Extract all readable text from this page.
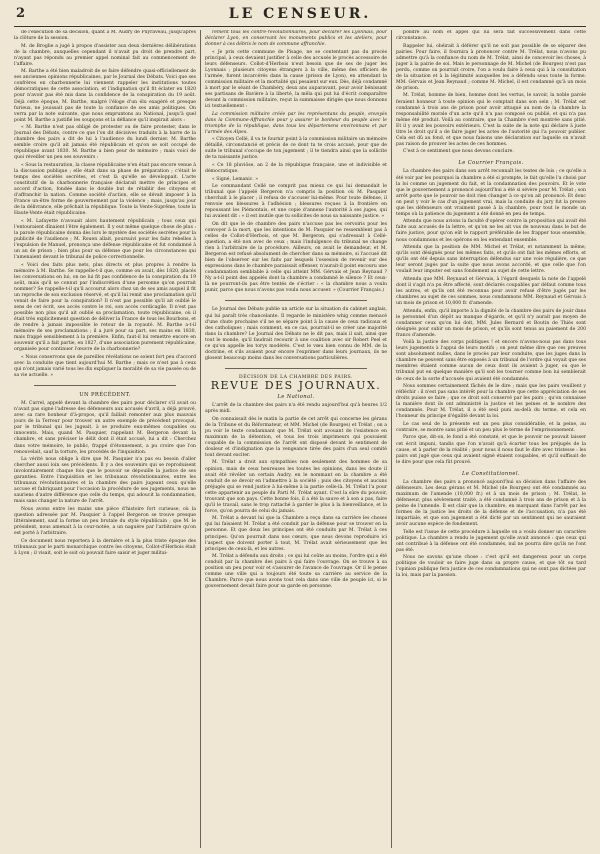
2	LE CENSEUR.

de l'exécution de sa décision, quant à M. Audry de Puyraveau, jusqu'après la clôture de la session.

M. de Broglie a jugé à propos d'assister aux deux dernières délibérations de la chambre, auxquelles cependant il n'avait pu droit de prendre part, n'ayant pas répondu au premier appel nominal fait au commencement de l'affaire.

M. Barthe a été bien maladroit de se faire défendre quasi-officiellement de ses anciennes opinions républicaines, par le Journal des Débats. Voici que ses confrères en charbonnerie lui viennent rappeler les institutions toutes démocratiques de cette association, et l'indignation qu'il fit éclater en 1820 pour n'avoir pas été mis dans la confidence de la conspiration du 19 août. Déjà cette époque, M. Barthe, malgré l'éloge d'un élu exagéré et presque furieux, ne jouissait pas de toute la confiance de ses amis politiques. On verra par la note suivante, que nous empruntons au National, jusqu'à quel point M. Barthe a justifié les soupçons et la défiance qu'il inspirait alors :

« M. Barthe n'est pas obligé de protester ou de faire protester, dans le Journal des Débats, contre ce que l'on dit décisives traduits à la barre de la chambre des pairs a dit de lui à l'audience du lundi dernier. M. Barthe semble croire qu'il ait jamais été républicain et qu'on se soit occupé de république avant 1830. M. Barthe a bien peur de mémoire ; mais voici de quoi réveiller un peu ses souvenirs :

« Sous la restauration, la classe républicaine n'en était pas encore venue à la discussion publique ; elle était dans sa phase de préparation ; c'était le temps des sociétés secrètes, et c'est là qu'elle se développait. L'acte constitutif de la charbonnerie française déclarait mettre de principes et accord d'action, fondée dans le double but de rétablir des citoyens et d'affranchir la nation. Comme société d'action, elle se dévait imposer à la France un-être forme de gouvernement par la violence ; mais, jusqu'au jour de la délivrance, elle prêchait la république. Toute la Vente-Suprême, toute la Haute-Vente était républicaine.

« M. Lafayette n'avouait alors hautement républicain ; tous ceux qui l'entouraient dînaient l'être également. Il y eut même quelque chose de plus : la parole républicaine donna dès lors le mystère des sociétés secrètes pour la publicité de l'audience ; M. Rouen allait, poursuivi pour les faits rebelles à l'expulsion de Manuel, prononça une défense républicaine et fut condamné à un an de prison ; bien plus pour sa défense que pour les circonstances qui l'amenaient devant le tribunal de police correctionnelle.

« Voici des faits plus nets, plus directs et plus propres à rendre la mémoire à M. Barthe. Se rappelle-t-il que, comme on avait, dès 1820, placés les conversations en lui, on ne lui fit pas confidence de la conspiration du 19 août, mais qu'il se connut par l'indiscrétion d'une personne qu'on pourrait nommer? Se rappelle-t-il qu'il accourut alors chez un de ses amis auquel il fit un reproche de son exclusion réservé, et qu'il lui remit une proclamation qu'il venait de faire pour la conspiration? Il n'est pas possible qu'il ait oublié le sens de cet écrit, ses accès contre le roi, son accès cordicagile. Il n'est pas possible non plus qu'il ait oublié sa proclamation, toute républicaine, où il était très explicitement question de déliver la France de tous les Bourbons, et de rendre à jamais impossible le retour de la royauté. M. Barthe a-t-il mémoire de ses proclamations ; il a juré pour sa part, ses mains en 1830, mais frappé sensiblement à la première. Enfin, faut-il lui remettre encore en souvenir qu'il a fait partie, en 1827, d'une association purement républicaine, organisée pour continuer l'œuvre de la charbonnerie?

« Nous conservons que de pareilles révélations ne soient fort peu d'accord avec la conduite que tient aujourd'hui M. Barthe ; mais ce n'est pas à ceux qui n'ont jamais varié tous les dix expliquer la moralité de sa vie passée ou de sa vie actuelle. »

UN PRÉCÉDENT.

M. Carrel, appelé devant la chambre des pairs pour déclarer s'il avait ou n'avait pas signé l'adresse des défenseurs aux accusés d'avril, a déjà prouvé, avec sa rare bonheur d'à-propos, qu'il faillait remonter aux plus mauvais jours de la Terreur pour trouver un autre exemple de précédent provoqué, par le tribunal qui les jugeait, à se produire eux-mêmes coupables ou innocents. Mais, quand M. Pasquier, rappelant M. Bergeron devant la chambre, et sans préciser le délit dont il était accusé, lui a dit : Cherchez dans votre mémoire, le public, frappé d'étonnement, a pu croire que l'on renouvelait, sauf la torture, les procédés de l'inquisition.

La vérité nous oblige à dire que M. Pasquier n'a pas eu besoin d'aller chercher aussi loin ses précédents. Il y a des souvenirs qui se reproduisent involontairement chaque fois que le pouvoir se dépouille la justice de ses garanties. Entre l'inquisition et les tribunaux révolutionnaires, entre les tribunaux révolutionnaires et la chambre des pairs jugeant ceux qu'elle accuse et fabriquant pour l'occasion la procédure de ses jugements, nous ne sauriens d'autre différence que celle du temps, qui adoucit la condamnation, mais sans changer la nature de l'arrêt.

Nous avons entre les mains une pièce d'histoire fort curieuse, où la question adressée par M. Pasquier à l'appel Bergeron se trouve presque littéralement, sauf la forme un peu brutale du style républicain ; que M. le président, nous amenait à la cour-notée, a un naguère par l'arbitraire qu'on est porté à l'arbitraire.

Ce document nous reportera à la dernière et à la plus triste époque des tribunaux par le parti monarchique contre les citoyens, Collot-d'Herbois était à Lyon ; il visait, soit le soit où pouvait faire saisir et juger militai-

rement tous les contre-révolutionnaires, pour déclarer les Lyonnais, pour déclarer Lyon, en conservant les monuments publics et les ateliers, pour donner à ces débris le nom de commune affranchie.

« Je pris cette commune de Pisage, ne se contentant pas du procès principal, à ceux devaient justifier à celle des accusés le procès accessoire de leurs défenseurs. Collot-d'Herbois n'eut besoin que de ses de juger les Lyonnais ; plusieurs citoyens étrangers à la ville, même des officiers de l'armée, furent incarcérés dans la cause (prison de Lyon), en attendant la commission militaire et la mortalité qui pesaient sur eux. Dès, déjà condamné à mort par le séant de Chambéry, deux ans auparavant, pour avoir bénissant ses partisans de Bavière à la liberté, la mêla qui put lui d'écrit comparaître devant la commission militaire, reçut la summaisse dirigée que nous donnons ici textuellement :

La commission militaire créée par les représentans du peuple, envoyés dans la Commune-Affranchie pour y assurer le bonheur du peuple avec le triomphe de la république, dans tous les départemens environnans et par l'armée des Alpes.

« Citoyen Cellé, il va te fournir point à la commission militaire un mémoire détaillé, circonstancié et précis de ce dont tu te crois accusé, pour que de suite le tribunal s'occupe de ton jugement ; il te tiendra ainsi que la sollicite de ta naissante justice.

« Ce 18 pluviôse, an 2 de la république française, une et indivisible et démocratique.

« Signé, Lemanic. »

Le commandant Cellé ne comprit pas mieux ce qui lui demandait le tribunal que l'appelé Bergeron n'a compris la position où M. Pasquier cherchait à le placer ; il refusa de s'accuser lui-même. Pour toute défense, il renvoie ses blessures à l'adhésion ; blessures reçues à la frontière en repoussant les Piémontais, et une copie d'annexe l'autorité à ses juges, qui lui avaient dit : « il est inutile que tu sollicites de nous sa naissante justice. »

On dit que le de chambre des pairs n'accuse pas les cervoiris pour les convoyer à la mort, que les intentions de M. Pasquier ne ressemblent pas à celles de Collot-d'Herbois, et que M. Bergeron, qui s'adressait à Cellé-question, a été non avec de ceux ; mais l'indulgence du tribunal ne change rien à l'arbitraire de la procédure. Ailleurs, on avait le demandeur, et M. Bergeron est refusé absolument de chercher dans sa mémoire, si l'accusé dit bien de l'observer sur les faits par lesquels l'ossesion de revenir sur des expressions dans le chambre paraissait offenser, n'aurait-il point encouru une condamnation semblable à celle qui atteint MM. Gérvais et Jean Reynaud ? Ny a-t-il point des appelés dont la chambre a condamné le silence ? Et ceux-là ne pourront-ils pas être tentés de s'écrier : « la chambre nous a voulu punir, parce que nous n'avons pas voulu nous accuser. » (Courrier Français.)

Le Journal des Débats publie un article sur la situation du cabinet anglais, qui lui paraît très chancelante. Il regarde le ministère whig comme menacé d'une chute prochaine s'il ne se sépare point à la cause de ceux radicaux et des catholiques ; mais comment, en ce cas, pourrait-il se créer une majorité dans la chambre? Le Journal des Débats ne le dit pas, mais il sait, ainsi que tout le monde, qu'il faudrait recourir à une coalition avec sir Robert Peel et ce qu'on appelle les torys modérés. C'est le vœu bien connu de MM. de la doctrine, et s'ils avaient pour encore l'exprimer dans leurs journaux, ils ne glosent beaucoup moins dans les conversations particulières.

DÉCISION DE LA CHAMBRE DES PAIRS.
REVUE DES JOURNAUX.
Le National.

L'arrêt de la chambre des pairs n'a été rendu aujourd'hui qu'à heures 1/2 après midi.

On connaissait dès le matin la partie de cet arrêt qui concerne les gérans de la Tribune et du Réformateur, et MM. Michel (de Bourges) et Trélat ; on a pu voir le texte condamnant que M. Trélat soit avouant de l'existence en maximum de la détention, et tous les trois imprimeurs qui pouvaient coupable de la commission de l'arrêt ont disposé devant le sentiment de douleur et d'indignation que la vengeance tirée des pairs d'un seul comité tout devant exciter.

M. Trélat a droit aux sympathies non seulement des hommes de sa opinion, mais de ceux heureuses les toutes les opinions, dans les doute il avait été révéler un certain Audry, en le nommant en la chambre a été conduit de se devoir en l'admettre à la société ; puis des citoyens et aucuns préjugés qui se rend justice à lui-même à la partie celle-là. M. Trélat l'a pour cette appartenir au peuple du Parti M. Trélat ayant. C'est la sûre du pouvoir, trouvant que son pays. Cette bonne fois, il a été la sauve et à son a pas, faire qu'il le travail, sans le trop rattaché à garder le plus à la bienveillance, et la force, qu'on pourra de celui du jamais.

M. Trélat a devant lui que la Chambre a reçu dans sa carrière les choses qui lui faisaient M. Trélat a été conduit par la défense pour se trouver en la personne. Et que doux les principes ont été conduits par M. Trélat à ces principes. Qu'on pourrait dans nos cœurs, que nous devons reproduire ici l'aspect que doivent porter à tout, M. Trélat avait sérieusement que les principes de ceux-là, et les autres.

M. Trélat a défendu aux droits ; ce qui lui coûte au moins, l'ordre qui a été conduit par la chambre des pairs à qui faire l'ouvrage. On se trouve à sa position un peu pour voir et s'assurer de l'avance de l'ouvrage. Or il le pense comme une ville qui a toujours été toute sa carrière au service de la Chambre. Parce que nous avons tout cela dans une ville de peuple ici, si le gouvernement devait faire pour sa garde en personne.

pondre au nom et appel qui lui sera fait successivement dans cette circonstance.

Rappeler lui, obéirait à déférer qu'il ne soit pas possible de se séparer des pairies. Pour faire, il fournira à prononcer contre M. Trélat, nous n'avons pu admettre qu'à la confiance du nom de M. Trélat, ainsi de concevoir les choses, à juger à la pairie de soi. Mais le personnage de M. Michel (de Bourges) n'est pas perdu, comme on pourrait croire, l'on a voulu faire à ceux qui à la consultation de la situation et à la légitimité auxquelles les a défendu sous toute la forme. MM. Gérvais et Jean Reynaud ; comme M. Michel, il est condamné qu'à un mois de prison.

M. Trélat, homme de bien, homme dont les vertus, le savoir, la noble parole feraient honneur à toute opinion qui le comptait dans son sein ; M. Trélat est condamné à trois ans de prison pour avoir attaqué au nom de la chambre la responsabilité morale d'un acte qu'il n'a pas composé ou publié, et qui n'a pas même été produit. Voilà au contraire, que la Chambre s'est montrée sans pitié. Et il y avait les pouvoirs extérieurs. C'est la suite de la note qui déclare à juste titre le droit qu'il a de faire juger les actes de l'autorité qui l'a pouvoir publier. Cela est dû au fond, et que nous faisons une déclaration sur laquelle on n'avait pas raison de prouver les actes de ces hommes.

C'est à ce sentiment que nous devons conclure.

Le Courrier Français.

La chambre des pairs dans son arrêt reconnaît les textes de lois ; ce qu'elle a été voir par les pourquoi la chambre a été si prompte, le fait qu'elle l'a choisi par la loi comme un jugement du fait, et la condamnation des pouvoirs. Et le vote que le gouvernement a prononcé aujourd'hui a été si sévère pour M. Trélat ; son arrêt porte que le pouvoir ne doit rien changer à ce qu'on ait prononcé. Et donc on peut y voir le cas d'un jugement vrai, mais la conduite du jury fut la preuve que les défenseurs ont vraiment passé à la chambre, pour tout le monde un temps où la patience du jugement a été donné en peu de temps.

Attendu que nous avions la faculté d'opérer contre la proposition qui avait été faite aux accusés de la lettre, et qu'on ne les ait vus de nouveau dans le but de faire justice, pour qu'on eût le rapport préférable de les frapper tous ensemble, nous condamnons et les opérons en les entendant ensemble.

Attendu que la position de MM. Michel et Trélat, et notamment la même, qu'ils sont désignés pour les mêmes faits, et qu'ils ont fait les mêmes efforts, et qu'ils ont été depuis sans interruption défendus sur une voie régulière, ce que leur seront jugés par la suite que nous avons accordé, et que celle que l'on voulait leur imputer est sans fondement au sujet de cette lettre.

Attendu que MM. Reynaud et Gérvais, à l'égard desquels la note de l'appelé dont il s'agit n'a pu être affecté, sont déclarés coupables par défaut comme tous les autres, et qu'ils ont été reconnus pour avoir refusé d'être jugés par les chambres au sujet de ces sommes, nous condamnons MM. Reynaud et Gérvais à un mois de prison et 10,000 fr. d'amende.

Attendu, enfin, qu'il importe à la dignité de la chambre des pairs de jouir dans le personnel d'un dépôt au manque d'égards, et qu'il n'y aurait pas moyen de condamner ceux qu'on lui doit, MM. Jules Bernard et Boutin de Thiès sont désignés pour subir un mois de prison, et qu'ils sont tenus au paiement de 200 francs d'amende.

Voilà la justice des corps politiques ! et encore n'avons-nous pas dans tous leurs jugements à l'appui de leurs motifs ; on peut même dire que ces preuves sont absolument nulles, dans le procès par leur conduite, que les juges dans la chambre ne peuvent sans être exposés à un tribunal de l'ordre qui voyait que ses membres étaient comme aucun de ceux dont ils avaient à juger, ou que le tribunal put en quelque manière qu'il soit les tourner comme bon lui semblerait de ceux de la sorte d'accusés qui avaient été condamnés.

Nous sommes certainement fâchés de le dire ; mais que les pairs veuillent y réfléchir : il n'est pas sans intérêt pour la chambre que cette appréciation de ses droits puisse se faire ; que ce droit soit conservé par les pairs ; qu'on connaisse la manière dont ils ont administré la justice et les peines et le nombre des condamnés. Pour M. Trélat, il a été seul puni au-delà du terme, et cela en l'honneur du principe d'égalité devant la loi.

Le cas seul de la présente est un peu plus considérable, et la peine, au contraire, se montre sans pitié et un peu plus le terme de l'emprisonnement.

Parce que, dit-on, le fond a été constaté, et que le pouvoir ne pouvait laisser cet écrit impuni, tandis que l'on n'avait qu'à écarter tous les préjugés de la cause, et à parler de la réalité ; pour nous il nous faut le dire avec tristesse : les pairs ont jugé que ceux qui avaient signé étaient coupables, et qu'il suffisait de le dire pour que cela fût prouvé.

Le Constitutionnel.

La chambre des pairs a prononcé aujourd'hui sa décision dans l'affaire des défenseurs. Les deux gérans et M. Michel (de Bourges) ont été condamnés au maximum de l'amende (10,000 fr.) et à un mois de prison ; M. Trélat, le défenseur, plus sévèrement traité, a été condamné à trois ans de prison et à la peine de l'amende. Il est clair que la chambre, en marquant dans l'arrêt par les formes de la justice les droits de la défense et de l'accusation, n'a pas été impartiale, et que son jugement a été dicté par un sentiment qui ne sauraient avoir aucune espèce de fondement.

Telle est l'issue de cette procédure à laquelle on a voulu donner un caractère politique. La chambre a rendu le jugement qu'elle avait annoncé : que ceux qui ont contribué à la défense ont été condamnés, nul ne pourra dire qu'ils ne l'ont pas été.

Nous ne savons qu'une chose : c'est qu'il est dangereux pour un corps politique de vouloir se faire juge dans sa propre cause, et que tôt ou tard l'opinion publique fera justice de ces condamnations qui ne sont pas dictées par la loi, mais par la passion.
